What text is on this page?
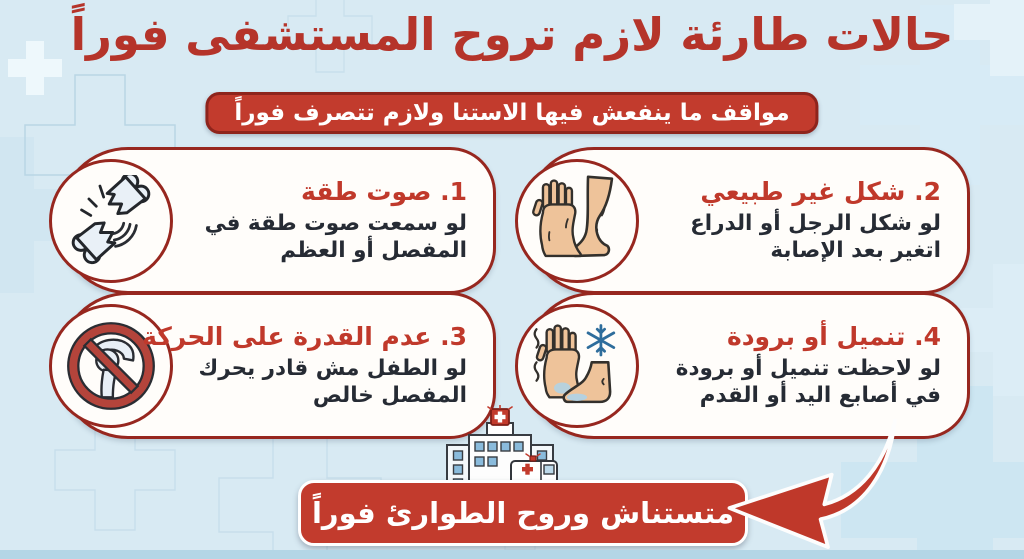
حالات طارئة لازم تروح المستشفى فوراً
مواقف ما ينفعش فيها الاستنا ولازم تتصرف فوراً
1. صوت طقة
لو سمعت صوت طقة في المفصل أو العظم
2. شكل غير طبيعي
لو شكل الرجل أو الدراع اتغير بعد الإصابة
3. عدم القدرة على الحركة
لو الطفل مش قادر يحرك المفصل خالص
4. تنميل أو برودة
لو لاحظت تنميل أو برودة في أصابع اليد أو القدم
متستناش وروح الطوارئ فوراً
